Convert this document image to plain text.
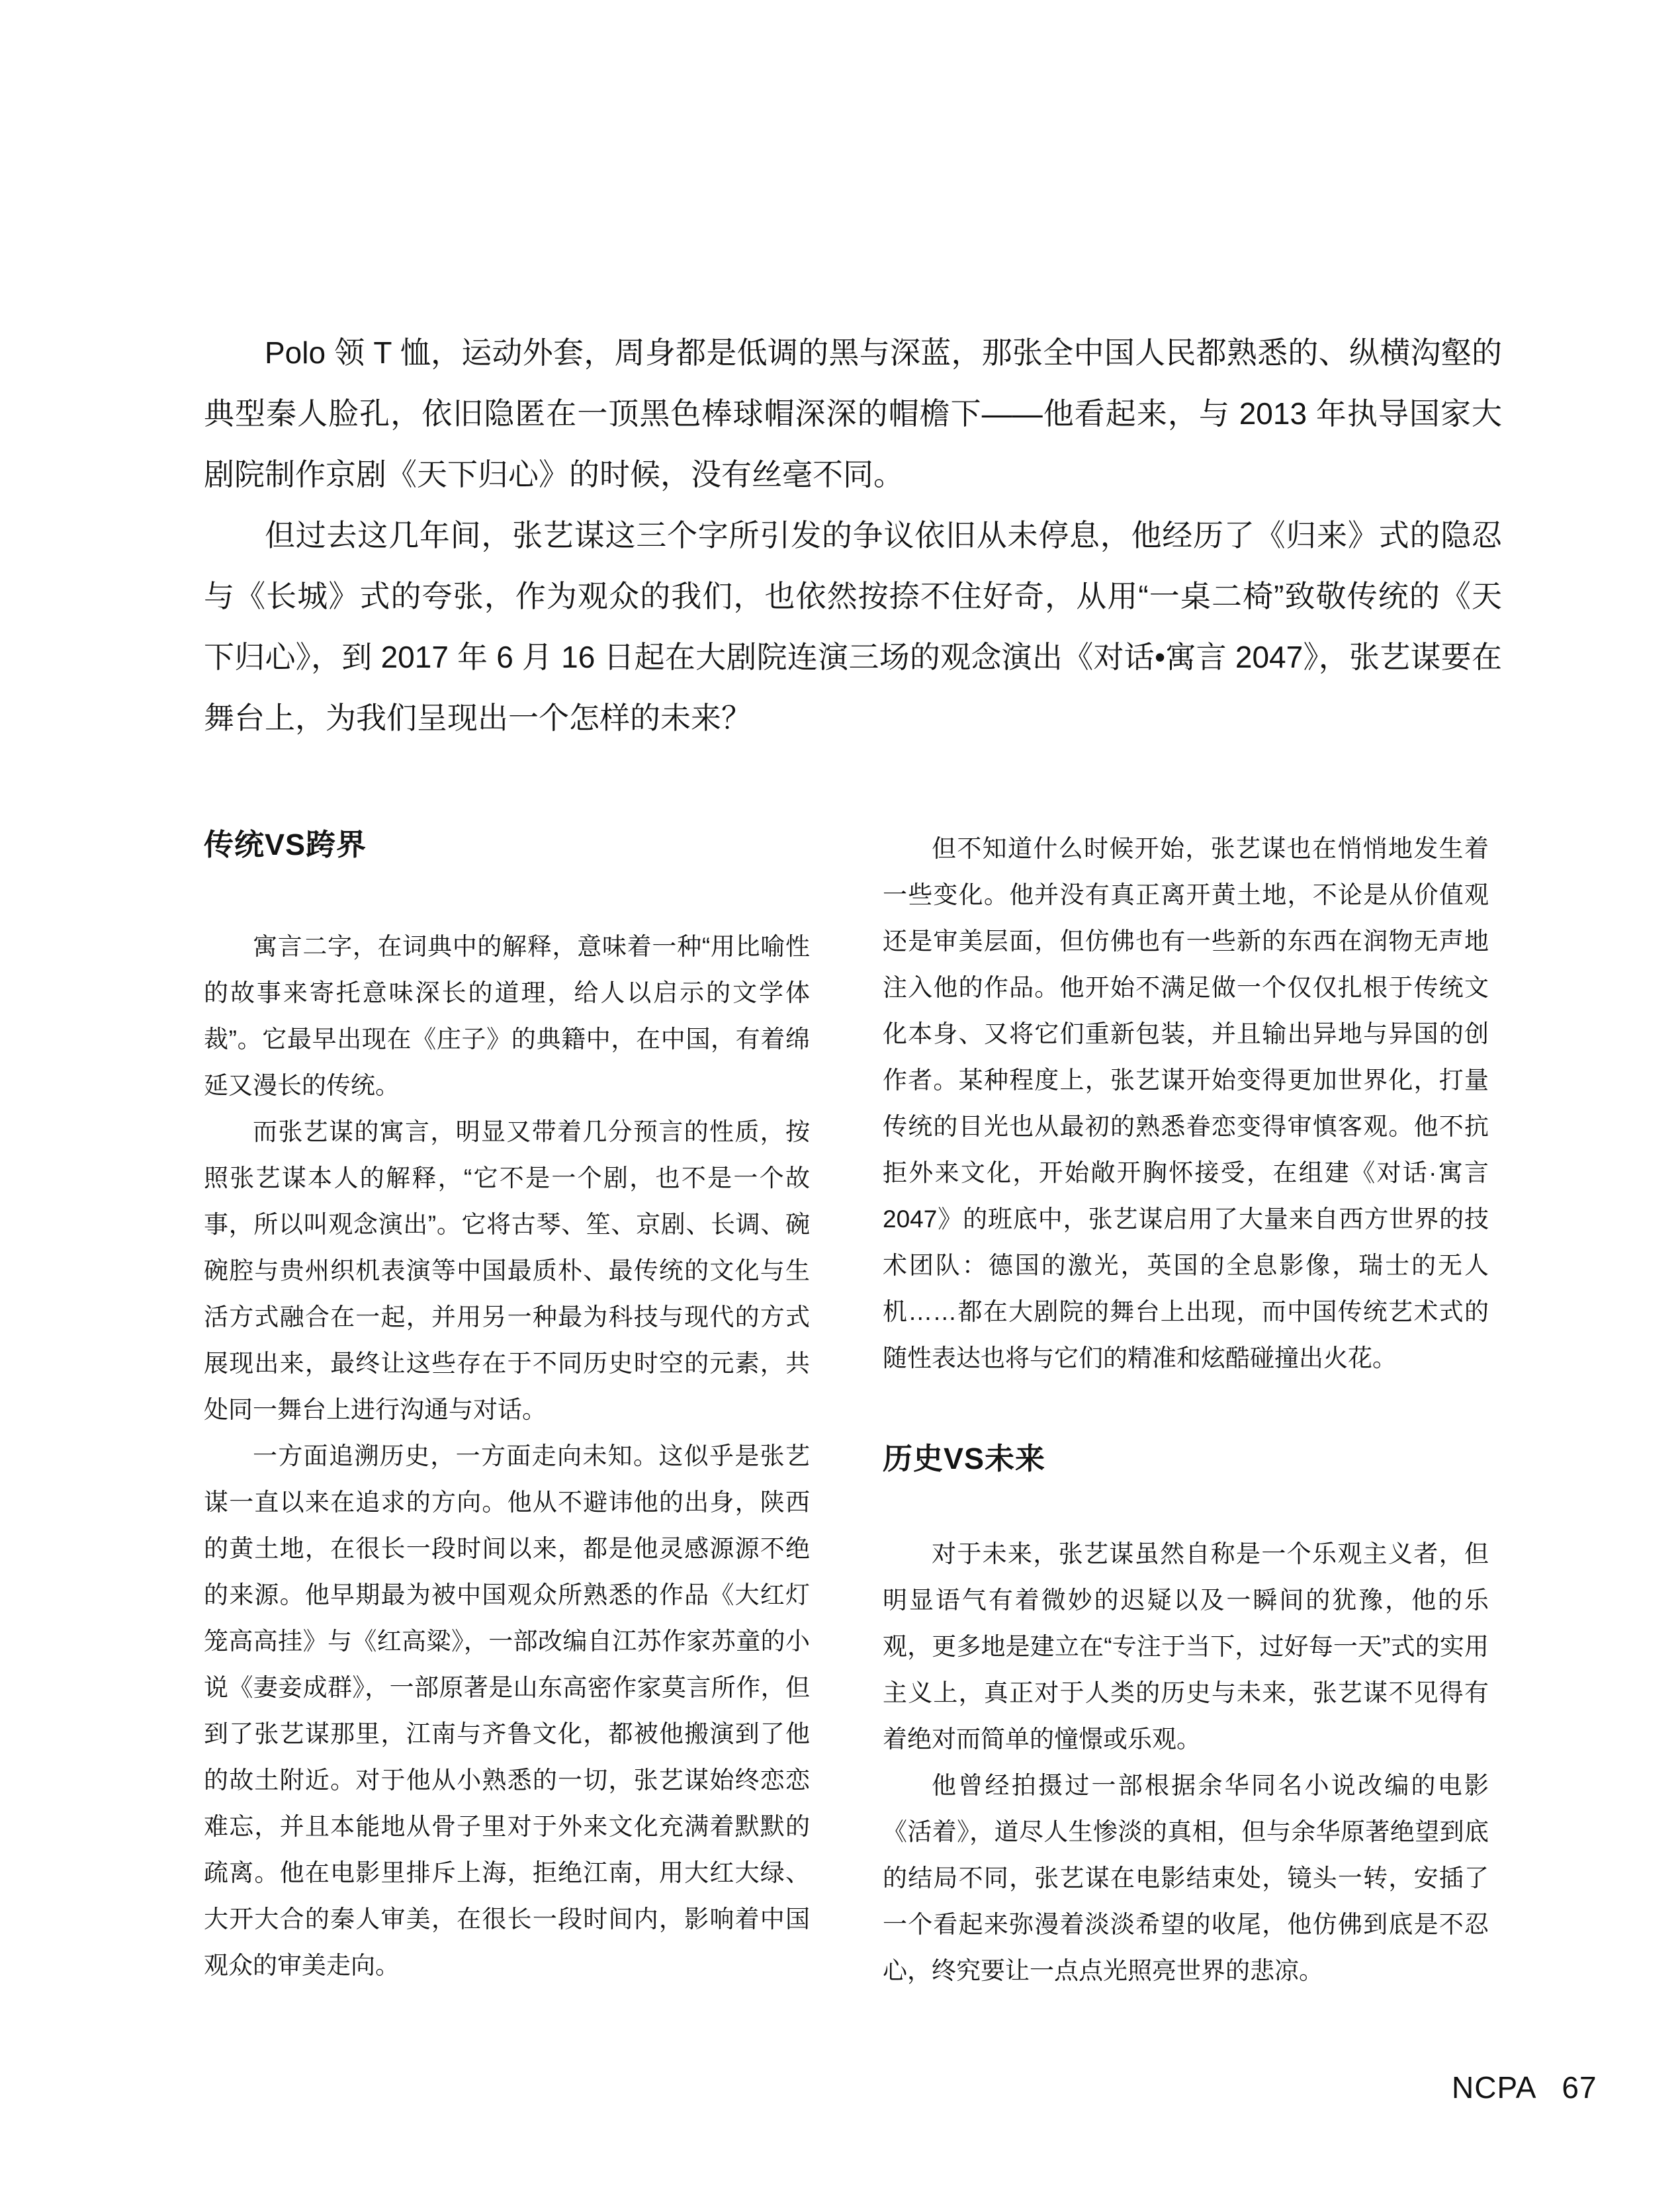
Polo 领 T 恤，运动外套，周身都是低调的黑与深蓝，那张全中国人民都熟悉的、纵横沟壑的典型秦人脸孔，依旧隐匿在一顶黑色棒球帽深深的帽檐下——他看起来，与 2013 年执导国家大剧院制作京剧《天下归心》的时候，没有丝毫不同。

但过去这几年间，张艺谋这三个字所引发的争议依旧从未停息，他经历了《归来》式的隐忍与《长城》式的夸张，作为观众的我们，也依然按捺不住好奇，从用“一桌二椅”致敬传统的《天下归心》，到 2017 年 6 月 16 日起在大剧院连演三场的观念演出《对话•寓言 2047》，张艺谋要在舞台上，为我们呈现出一个怎样的未来？

传统VS跨界

寓言二字，在词典中的解释，意味着一种“用比喻性的故事来寄托意味深长的道理，给人以启示的文学体裁”。它最早出现在《庄子》的典籍中，在中国，有着绵延又漫长的传统。

而张艺谋的寓言，明显又带着几分预言的性质，按照张艺谋本人的解释，“它不是一个剧，也不是一个故事，所以叫观念演出”。它将古琴、笙、京剧、长调、碗碗腔与贵州织机表演等中国最质朴、最传统的文化与生活方式融合在一起，并用另一种最为科技与现代的方式展现出来，最终让这些存在于不同历史时空的元素，共处同一舞台上进行沟通与对话。

一方面追溯历史，一方面走向未知。这似乎是张艺谋一直以来在追求的方向。他从不避讳他的出身，陕西的黄土地，在很长一段时间以来，都是他灵感源源不绝的来源。他早期最为被中国观众所熟悉的作品《大红灯笼高高挂》与《红高粱》，一部改编自江苏作家苏童的小说《妻妾成群》，一部原著是山东高密作家莫言所作，但到了张艺谋那里，江南与齐鲁文化，都被他搬演到了他的故土附近。对于他从小熟悉的一切，张艺谋始终恋恋难忘，并且本能地从骨子里对于外来文化充满着默默的疏离。他在电影里排斥上海，拒绝江南，用大红大绿、大开大合的秦人审美，在很长一段时间内，影响着中国观众的审美走向。

但不知道什么时候开始，张艺谋也在悄悄地发生着一些变化。他并没有真正离开黄土地，不论是从价值观还是审美层面，但仿佛也有一些新的东西在润物无声地注入他的作品。他开始不满足做一个仅仅扎根于传统文化本身、又将它们重新包装，并且输出异地与异国的创作者。某种程度上，张艺谋开始变得更加世界化，打量传统的目光也从最初的熟悉眷恋变得审慎客观。他不抗拒外来文化，开始敞开胸怀接受，在组建《对话·寓言 2047》的班底中，张艺谋启用了大量来自西方世界的技术团队：德国的激光，英国的全息影像，瑞士的无人机……都在大剧院的舞台上出现，而中国传统艺术式的随性表达也将与它们的精准和炫酷碰撞出火花。

历史VS未来

对于未来，张艺谋虽然自称是一个乐观主义者，但明显语气有着微妙的迟疑以及一瞬间的犹豫，他的乐观，更多地是建立在“专注于当下，过好每一天”式的实用主义上，真正对于人类的历史与未来，张艺谋不见得有着绝对而简单的憧憬或乐观。

他曾经拍摄过一部根据余华同名小说改编的电影《活着》，道尽人生惨淡的真相，但与余华原著绝望到底的结局不同，张艺谋在电影结束处，镜头一转，安插了一个看起来弥漫着淡淡希望的收尾，他仿佛到底是不忍心，终究要让一点点光照亮世界的悲凉。

NCPA 67
